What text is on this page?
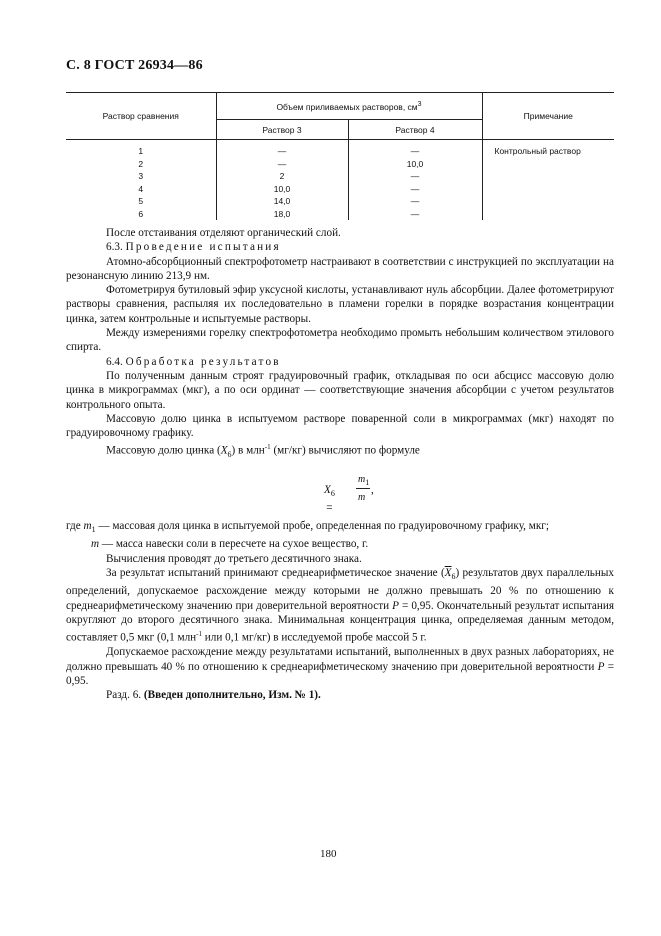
С. 8 ГОСТ 26934—86
Раствор сравнения	Объем приливаемых растворов, $см^3$		Примечание
	Раствор 3	Раствор 4	
1	—	—	Контрольный раствор
2	—	10,0	
3	2	—	
4	10,0	—	
5	14,0	—	
6	18,0	—	

После отстаивания отделяют органический слой.

6.3. Проведение испытания

Атомно-абсорбционный спектрофотометр настраивают в соответствии с инструкцией по эксплуатации на резонансную линию 213,9 нм.

Фотометрируя бутиловый эфир уксусной кислоты, устанавливают нуль абсорбции. Далее фотометрируют растворы сравнения, распыляя их последовательно в пламени горелки в порядке возрастания концентрации цинка, затем контрольные и испытуемые растворы.

Между измерениями горелку спектрофотометра необходимо промыть небольшим количеством этилового спирта.

6.4. Обработка результатов

По полученным данным строят градуировочный график, откладывая по оси абсцисс массовую долю цинка в микрограммах (мкг), а по оси ординат — соответствующие значения абсорбции с учетом результатов контрольного опыта.

Массовую долю цинка в испытуемом растворе поваренной соли в микрограммах (мкг) находят по градуировочному графику.

Массовую долю цинка $(X_6)$ в млн$^{-1}$ (мг/кг) вычисляют по формуле

$X_6$ =
$m_1$
m
,

где $m_1$ — массовая доля цинка в испытуемой пробе, определенная по градуировочному графику, мкг;

m — масса навески соли в пересчете на сухое вещество, г.

Вычисления проводят до третьего десятичного знака.

За результат испытаний принимают среднеарифметическое значение $(\overline{X}_6)$ результатов двух параллельных определений, допускаемое расхождение между которыми не должно превышать 20 % по отношению к среднеарифметическому значению при доверительной вероятности P = 0,95. Окончательный результат испытания округляют до второго десятичного знака. Минимальная концентрация цинка, определяемая данным методом, составляет 0,5 мкг (0,1 млн$^{-1}$ или 0,1 мг/кг) в исследуемой пробе массой 5 г.

Допускаемое расхождение между результатами испытаний, выполненных в двух разных лабораториях, не должно превышать 40 % по отношению к среднеарифметическому значению при доверительной вероятности P = 0,95.

Разд. 6. (Введен дополнительно, Изм. № 1).

180
